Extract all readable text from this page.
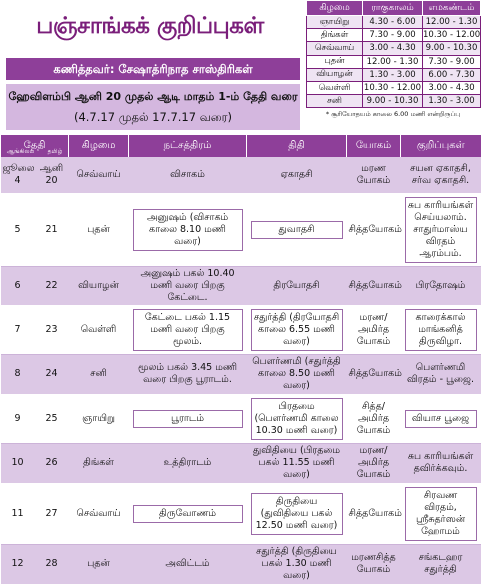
பஞ்சாங்கக் குறிப்புகள்
கணித்தவர்: சேஷாத்ரிநாத சாஸ்திரிகள்
ஹேவிளம்பி ஆனி 20 முதல் ஆடி மாதம் 1-ம் தேதி வரை
(4.7.17 முதல் 17.7.17 வரை)
கிழமை	ராகுகாலம்	எமகண்டம்
ஞாயிறு	4.30 - 6.00	12.00 - 1.30
திங்கள்	7.30 - 9.00	10.30 - 12.00
செவ்வாய்	3.00 - 4.30	9.00 - 10.30
புதன்	12.00 - 1.30	7.30 - 9.00
வியாழன்	1.30 - 3.00	6.00 - 7.30
வெள்ளி	10.30 - 12.00	3.00 - 4.30
சனி	9.00 - 10.30	1.30 - 3.00
* சூரியோதயம் காலை 6.00 மணி என்றிருப்பு
தேதி
ஆங்கிலம் தமிழ்		கிழமை	நட்சத்திரம்	திதி	யோகம்	குறிப்புகள்
ஜூலை 4	ஆனி 20	செவ்வாய்	விசாகம்	ஏகாதசி	மரண யோகம்	சயன ஏகாதசி, சர்வ ஏகாதசி.
5	21	புதன்	அனுஷம் (விசாகம் காலை 8.10 மணி வரை)	துவாதசி	சித்தயோகம்	சுப காரியங்கள் செய்யலாம். சாதுர்மாஸ்ய விரதம் ஆரம்பம்.
6	22	வியாழன்	அனுஷம் பகல் 10.40 மணி வரை பிறகு கேட்டை.	திரயோதசி	சித்தயோகம்	பிரதோஷம்
7	23	வெள்ளி	கேட்டை பகல் 1.15 மணி வரை பிறகு மூலம்.	சதுர்த்தி (திரயோதசி காலை 6.55 மணி வரை)	மரண/அமிர்த யோகம்	காரைக்கால் மாங்கனித் திருவிழா.
8	24	சனி	மூலம் பகல் 3.45 மணி வரை பிறகு பூராடம்.	பௌர்ணமி (சதுர்த்தி காலை 8.50 மணி வரை)	சித்தயோகம்	பௌர்ணமி விரதம் - பூஜை.
9	25	ஞாயிறு	பூராடம்	பிரதமை (பௌர்ணமி காலை 10.30 மணி வரை)	சித்த/அமிர்த யோகம்	வியாச பூஜை
10	26	திங்கள்	உத்திராடம்	துவிதியை (பிரதமை பகல் 11.55 மணி வரை)	மரண/அமிர்த யோகம்	சுப காரியங்கள் தவிர்க்கவும்.
11	27	செவ்வாய்	திருவோணம்	திருதியை (துவிதியை பகல் 12.50 மணி வரை)	சித்தயோகம்	சிரவண விரதம், ஸ்ரீசுதர்ஸன் ஹோமம்
12	28	புதன்	அவிட்டம்	சதுர்த்தி (திருதியை பகல் 1.30 மணி வரை)	மரணசித்த யோகம்	சங்கடஹர சதுர்த்தி
